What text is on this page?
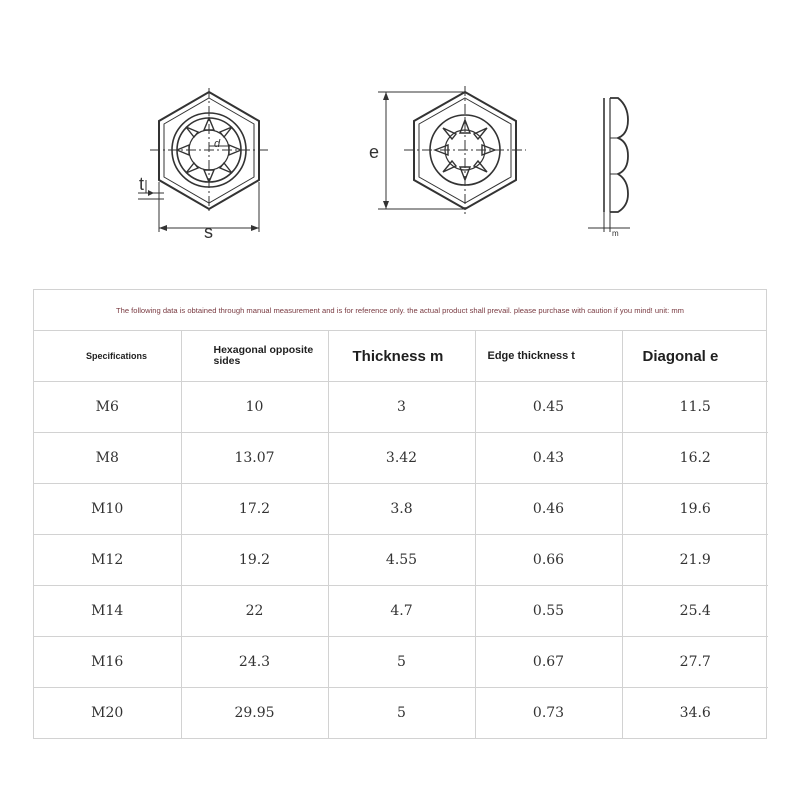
s
t
d	e
m
The following data is obtained through manual measurement and is for reference only. the actual product shall prevail. please purchase with caution if you mind! unit: mm
Specifications	Hexagonal opposite sides	Thickness m	Edge thickness t	Diagonal e
M6	10	3	0.45	11.5
M8	13.07	3.42	0.43	16.2
M10	17.2	3.8	0.46	19.6
M12	19.2	4.55	0.66	21.9
M14	22	4.7	0.55	25.4
M16	24.3	5	0.67	27.7
M20	29.95	5	0.73	34.6
